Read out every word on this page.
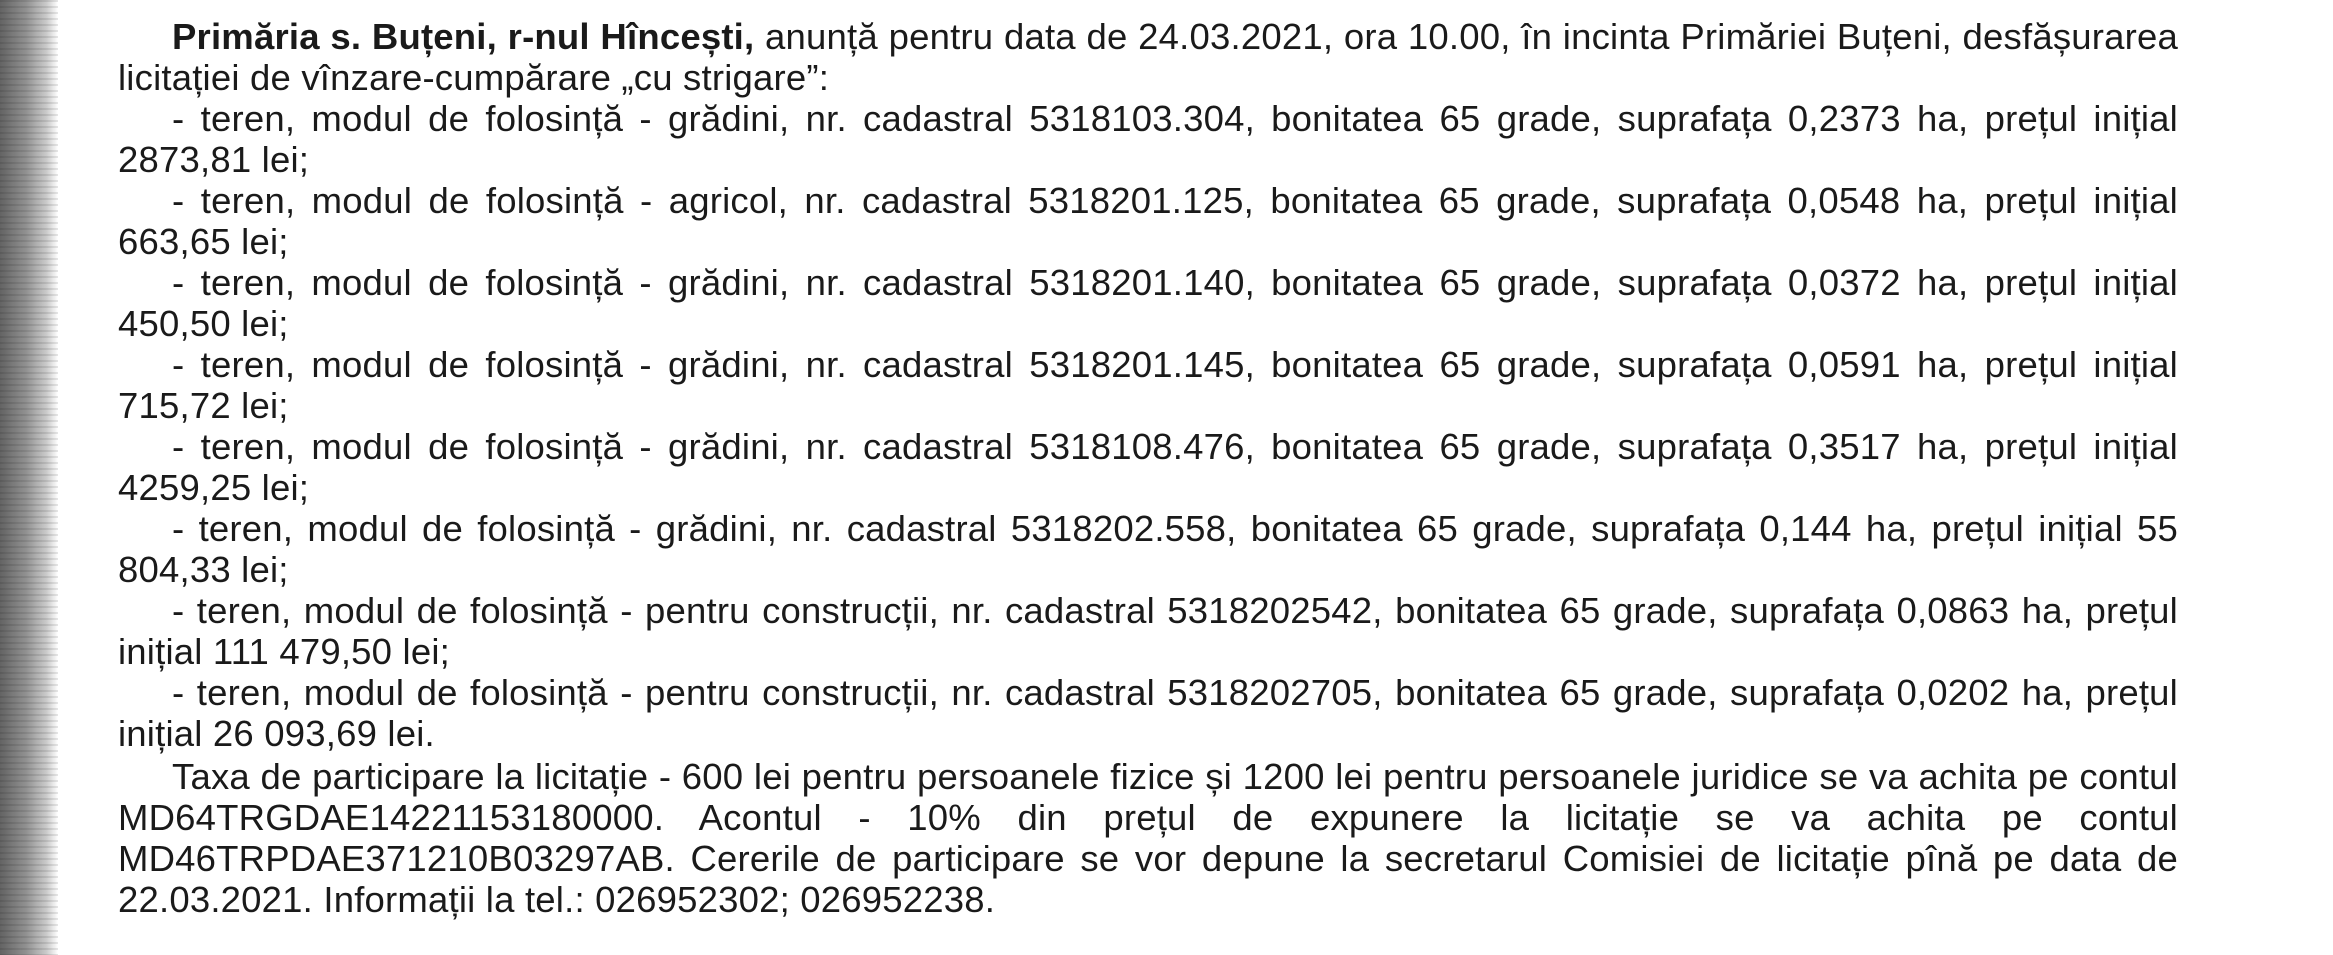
Primăria s. Buțeni, r-nul Hîncești, anunță pentru data de 24.03.2021, ora 10.00, în incinta Primăriei Buțeni, desfășurarea licitației de vînzare-cumpărare „cu strigare”:

- teren, modul de folosință - grădini, nr. cadastral 5318103.304, bonitatea 65 grade, suprafața 0,2373 ha, prețul inițial 2873,81 lei;

- teren, modul de folosință - agricol, nr. cadastral 5318201.125, bonitatea 65 grade, suprafața 0,0548 ha, prețul inițial 663,65 lei;

- teren, modul de folosință - grădini, nr. cadastral 5318201.140, bonitatea 65 grade, suprafața 0,0372 ha, prețul inițial 450,50 lei;

- teren, modul de folosință - grădini, nr. cadastral 5318201.145, bonitatea 65 grade, suprafața 0,0591 ha, prețul inițial 715,72 lei;

- teren, modul de folosință - grădini, nr. cadastral 5318108.476, bonitatea 65 grade, suprafața 0,3517 ha, prețul inițial 4259,25 lei;

- teren, modul de folosință - grădini, nr. cadastral 5318202.558, bonitatea 65 grade, suprafața 0,144 ha, prețul inițial 55 804,33 lei;

- teren, modul de folosință - pentru construcții, nr. cadastral 5318202542, bonitatea 65 grade, suprafața 0,0863 ha, prețul inițial 111 479,50 lei;

- teren, modul de folosință - pentru construcții, nr. cadastral 5318202705, bonitatea 65 grade, suprafața 0,0202 ha, prețul inițial 26 093,69 lei.

Taxa de participare la licitație - 600 lei pentru persoanele fizice și 1200 lei pentru persoanele juridice se va achita pe contul MD64TRGDAE14221153180000. Acontul - 10% din prețul de expunere la licitație se va achita pe contul MD46TRPDAE371210B03297AB. Cererile de participare se vor depune la secretarul Comisiei de licitație pînă pe data de 22.03.2021. Informații la tel.: 026952302; 026952238.
